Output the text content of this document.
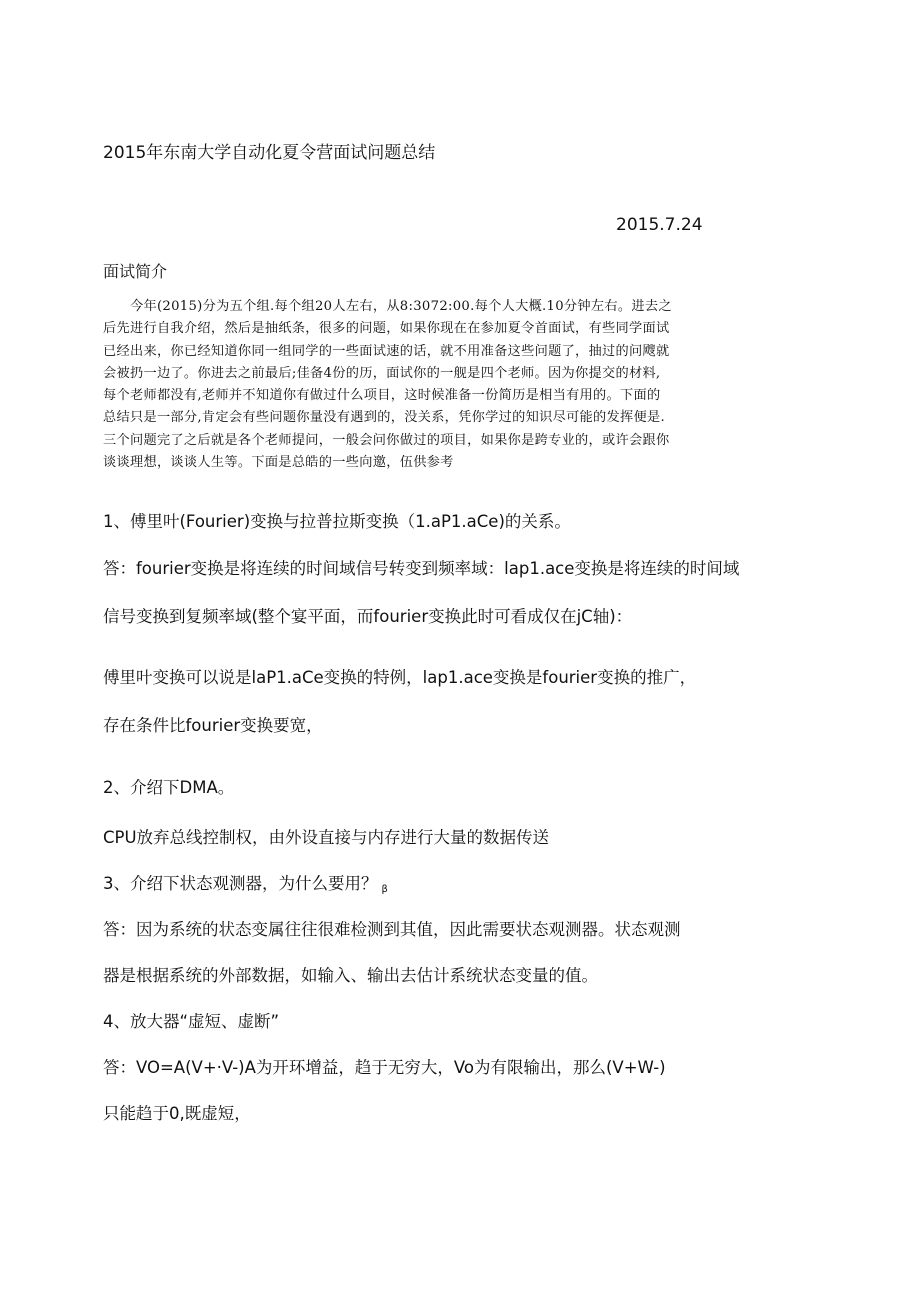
2015年东南大学自动化夏令营面试问题总结

2015.7.24

面试简介

　　今年(2015)分为五个组.每个组20人左右，从8:3072:00.每个人大概.10分钟左右。进去之
后先进行自我介绍，然后是抽纸条，很多的问题，如果你现在在参加夏令首面试，有些同学面试
已经出来，你已经知道你同一组同学的一些面试速的话，就不用准备这些问题了，抽过的问飕就
会被扔一边了。你进去之前最后;佳备4份的历，面试你的一舰是四个老师。因为你提交的材料,
每个老师都没有,老师并不知道你有做过什么项目，这时候准备一份简历是相当有用的。下面的
总结只是一部分,肯定会有些问题你量没有遇到的，没关系，凭你学过的知识尽可能的发挥便是.
三个问题完了之后就是各个老师提问，一般会问你做过的项目，如果你是跨专业的，或许会跟你
谈谈理想，谈谈人生等。下面是总皓的一些向邀，伍供参考

1、傅里叶(Fourier)变换与拉普拉斯变换（1.aP1.aCe)的关系。

答：fourier变换是将连续的时间域信号转变到频率域：lap1.ace变换是将连续的时间域

信号变换到复频率域(整个宴平面，而fourier变换此时可看成仅在jC轴)：

傅里叶变换可以说是laP1.aCe变换的特例，lap1.ace变换是fourier变换的推广，

存在条件比fourier变换要宽，

2、介绍下DMA。

CPU放弃总线控制权，由外设直接与内存进行大量的数据传送

3、介绍下状态观测器，为什么要用？ β

答：因为系统的状态变属往往很难检测到其值，因此需要状态观测器。状态观测

器是根据系统的外部数据，如输入、输出去估计系统状态变量的值。

4、放大器“虚短、虚断”

答：VO=A(V+·V-)A为开环增益，趋于无穷大，Vo为有限输出，那么(V+W-)

只能趋于0,既虚短，
